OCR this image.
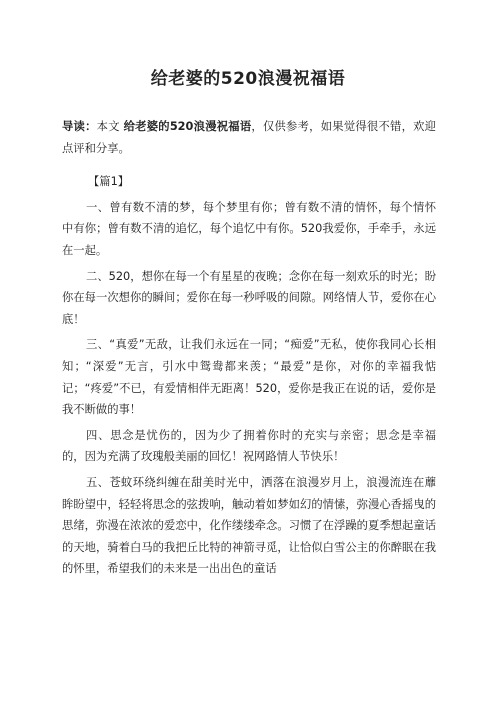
给老婆的520浪漫祝福语

导读：本文 给老婆的520浪漫祝福语，仅供参考，如果觉得很不错，欢迎点评和分享。

【篇1】

一、曾有数不清的梦，每个梦里有你；曾有数不清的情怀，每个情怀中有你；曾有数不清的追忆，每个追忆中有你。520我爱你，手牵手，永远在一起。

二、520，想你在每一个有星星的夜晚；念你在每一刻欢乐的时光；盼你在每一次想你的瞬间；爱你在每一秒呼吸的间隙。网络情人节，爱你在心底！

三、“真爱”无敌，让我们永远在一同；“痴爱”无私，使你我同心长相知；“深爱”无言，引水中鸳鸯都来羡；“最爱”是你，对你的幸福我惦记；“疼爱”不已，有爱情相伴无距离！520，爱你是我正在说的话，爱你是我不断做的事！

四、思念是忧伤的，因为少了拥着你时的充实与亲密；思念是幸福的，因为充满了玫瑰般美丽的回忆！祝网路情人节快乐！

五、苍蚊环绕纠缠在甜美时光中，洒落在浪漫岁月上，浪漫流连在蘼眸盼望中，轻轻将思念的弦拨响，触动着如梦如幻的情愫，弥漫心香摇曳的思绪，弥漫在浓浓的爱恋中，化作缕缕牵念。习惯了在浮躁的夏季想起童话的天地，骑着白马的我把丘比特的神箭寻觅，让恰似白雪公主的你醉眠在我的怀里，希望我们的未来是一出出色的童话
